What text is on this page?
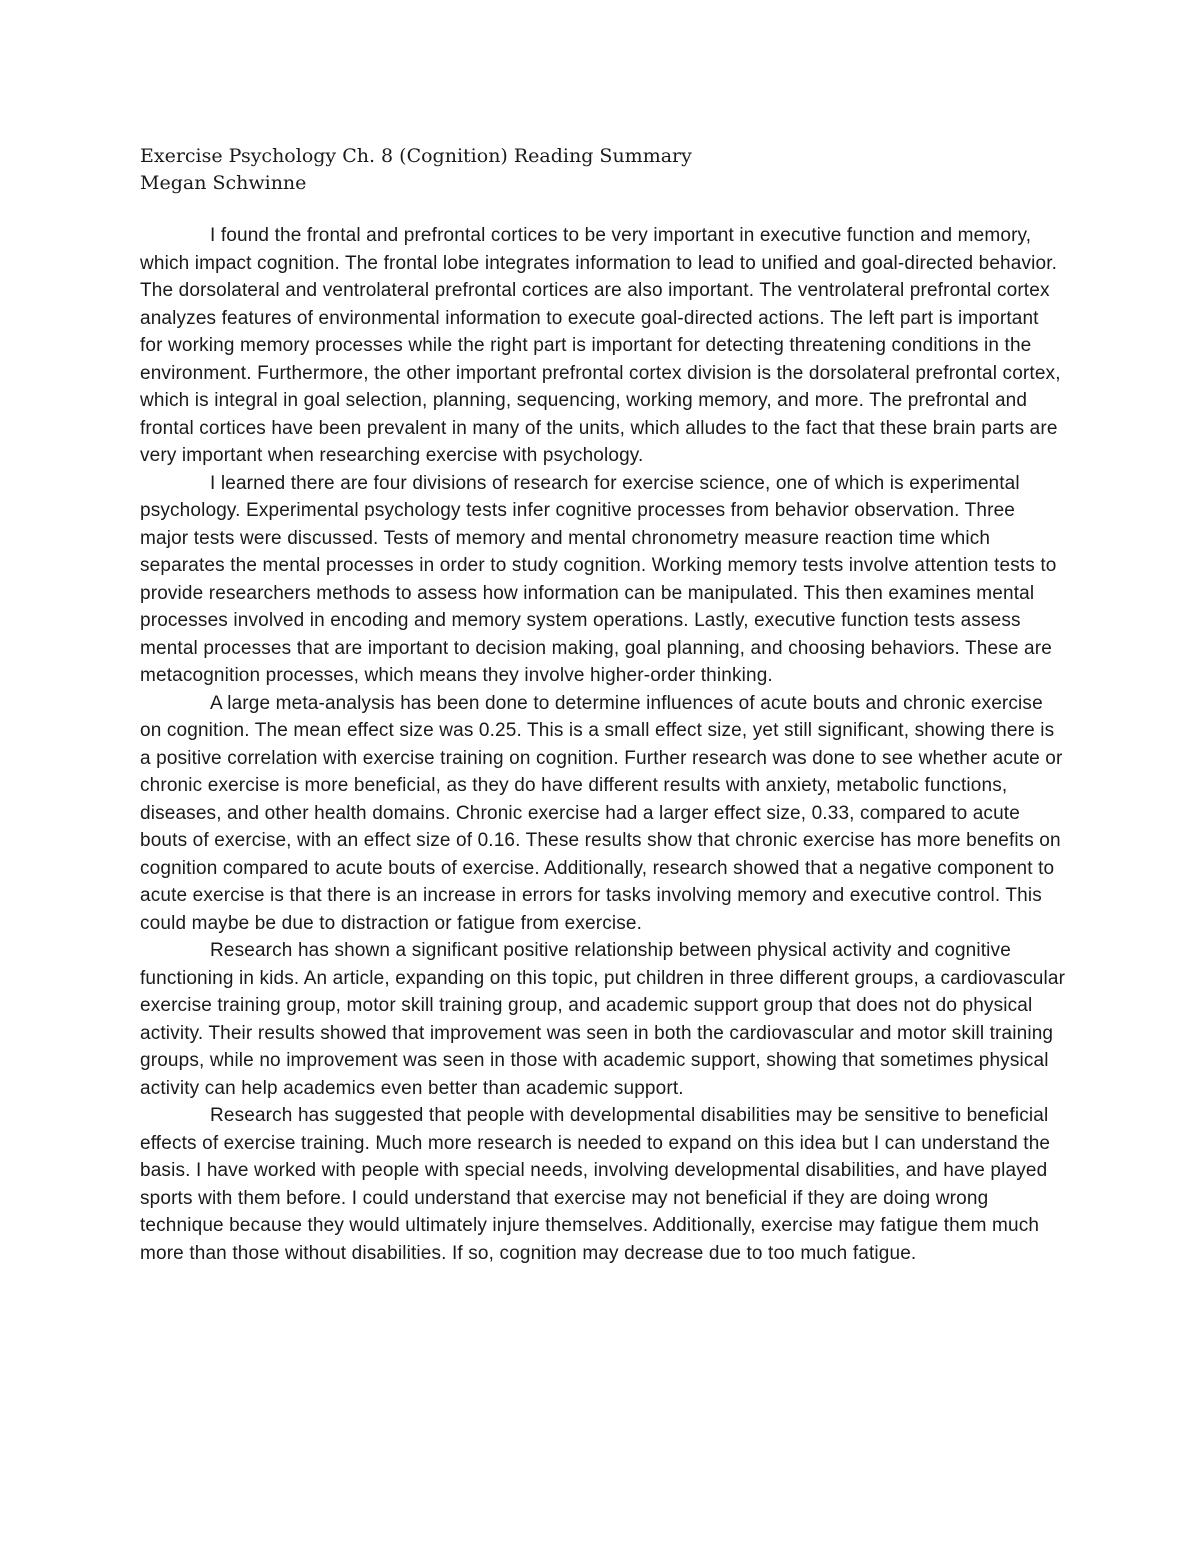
Exercise Psychology Ch. 8 (Cognition) Reading Summary
Megan Schwinne

I found the frontal and prefrontal cortices to be very important in executive function and memory, which impact cognition. The frontal lobe integrates information to lead to unified and goal-directed behavior. The dorsolateral and ventrolateral prefrontal cortices are also important. The ventrolateral prefrontal cortex analyzes features of environmental information to execute goal-directed actions. The left part is important for working memory processes while the right part is important for detecting threatening conditions in the environment. Furthermore, the other important prefrontal cortex division is the dorsolateral prefrontal cortex, which is integral in goal selection, planning, sequencing, working memory, and more. The prefrontal and frontal cortices have been prevalent in many of the units, which alludes to the fact that these brain parts are very important when researching exercise with psychology.

I learned there are four divisions of research for exercise science, one of which is experimental psychology. Experimental psychology tests infer cognitive processes from behavior observation. Three major tests were discussed. Tests of memory and mental chronometry measure reaction time which separates the mental processes in order to study cognition. Working memory tests involve attention tests to provide researchers methods to assess how information can be manipulated. This then examines mental processes involved in encoding and memory system operations. Lastly, executive function tests assess mental processes that are important to decision making, goal planning, and choosing behaviors. These are metacognition processes, which means they involve higher-order thinking.

A large meta-analysis has been done to determine influences of acute bouts and chronic exercise on cognition. The mean effect size was 0.25. This is a small effect size, yet still significant, showing there is a positive correlation with exercise training on cognition. Further research was done to see whether acute or chronic exercise is more beneficial, as they do have different results with anxiety, metabolic functions, diseases, and other health domains. Chronic exercise had a larger effect size, 0.33, compared to acute bouts of exercise, with an effect size of 0.16. These results show that chronic exercise has more benefits on cognition compared to acute bouts of exercise. Additionally, research showed that a negative component to acute exercise is that there is an increase in errors for tasks involving memory and executive control. This could maybe be due to distraction or fatigue from exercise.

Research has shown a significant positive relationship between physical activity and cognitive functioning in kids. An article, expanding on this topic, put children in three different groups, a cardiovascular exercise training group, motor skill training group, and academic support group that does not do physical activity. Their results showed that improvement was seen in both the cardiovascular and motor skill training groups, while no improvement was seen in those with academic support, showing that sometimes physical activity can help academics even better than academic support.

Research has suggested that people with developmental disabilities may be sensitive to beneficial effects of exercise training. Much more research is needed to expand on this idea but I can understand the basis. I have worked with people with special needs, involving developmental disabilities, and have played sports with them before. I could understand that exercise may not beneficial if they are doing wrong technique because they would ultimately injure themselves. Additionally, exercise may fatigue them much more than those without disabilities. If so, cognition may decrease due to too much fatigue.
